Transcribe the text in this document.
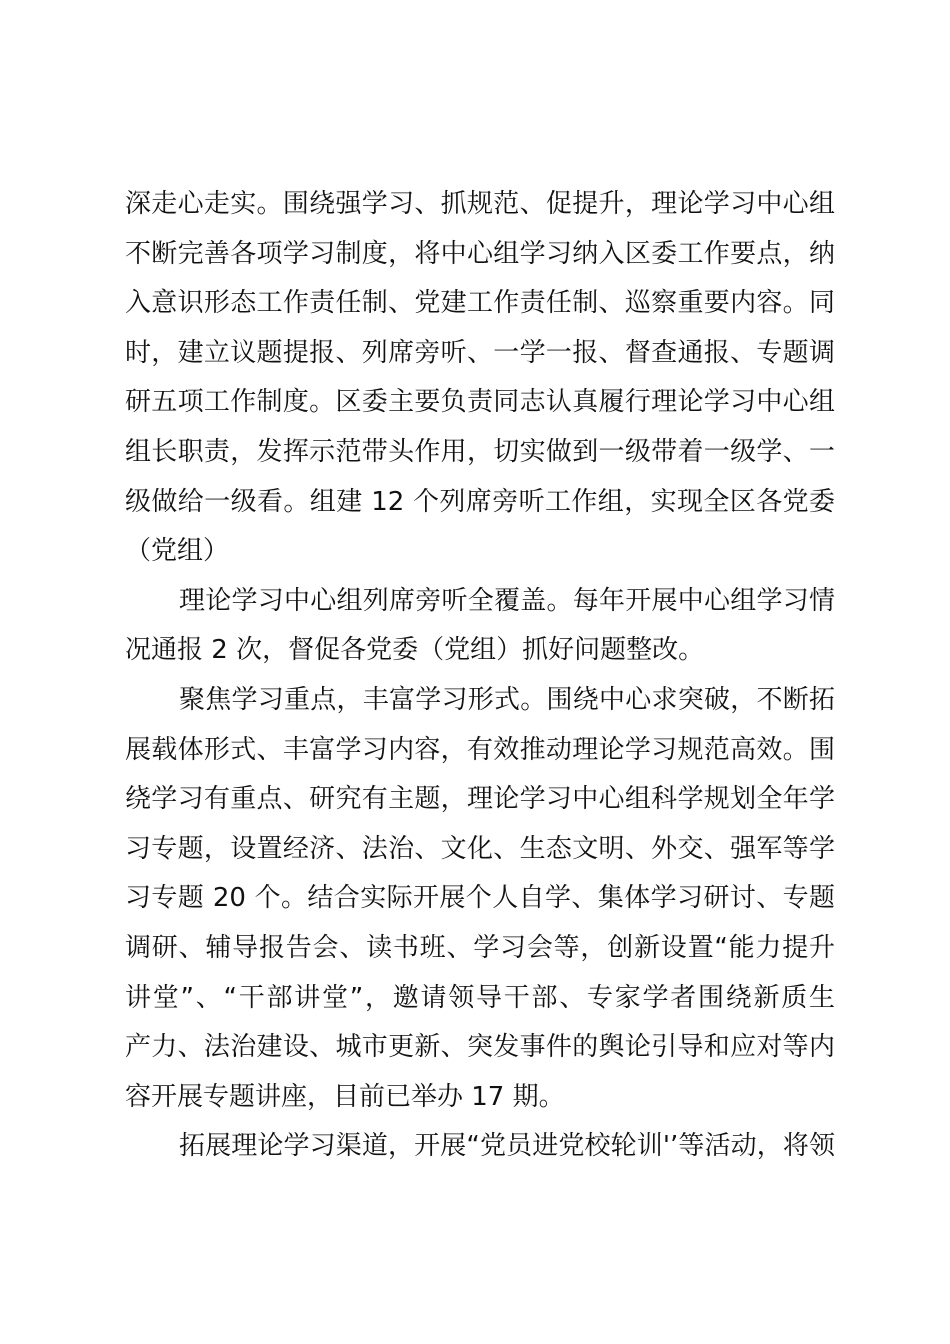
深走心走实。围绕强学习、抓规范、促提升，理论学习中心组
不断完善各项学习制度，将中心组学习纳入区委工作要点，纳
入意识形态工作责任制、党建工作责任制、巡察重要内容。同
时，建立议题提报、列席旁听、一学一报、督查通报、专题调
研五项工作制度。区委主要负责同志认真履行理论学习中心组
组长职责，发挥示范带头作用，切实做到一级带着一级学、一
级做给一级看。组建 12 个列席旁听工作组，实现全区各党委
（党组）
理论学习中心组列席旁听全覆盖。每年开展中心组学习情
况通报 2 次，督促各党委（党组）抓好问题整改。
聚焦学习重点，丰富学习形式。围绕中心求突破，不断拓
展载体形式、丰富学习内容，有效推动理论学习规范高效。围
绕学习有重点、研究有主题，理论学习中心组科学规划全年学
习专题，设置经济、法治、文化、生态文明、外交、强军等学
习专题 20 个。结合实际开展个人自学、集体学习研讨、专题
调研、辅导报告会、读书班、学习会等，创新设置“能力提升
讲堂”、“干部讲堂”，邀请领导干部、专家学者围绕新质生
产力、法治建设、城市更新、突发事件的舆论引导和应对等内
容开展专题讲座，目前已举办 17 期。
拓展理论学习渠道，开展“党员进党校轮训'’等活动，将领
